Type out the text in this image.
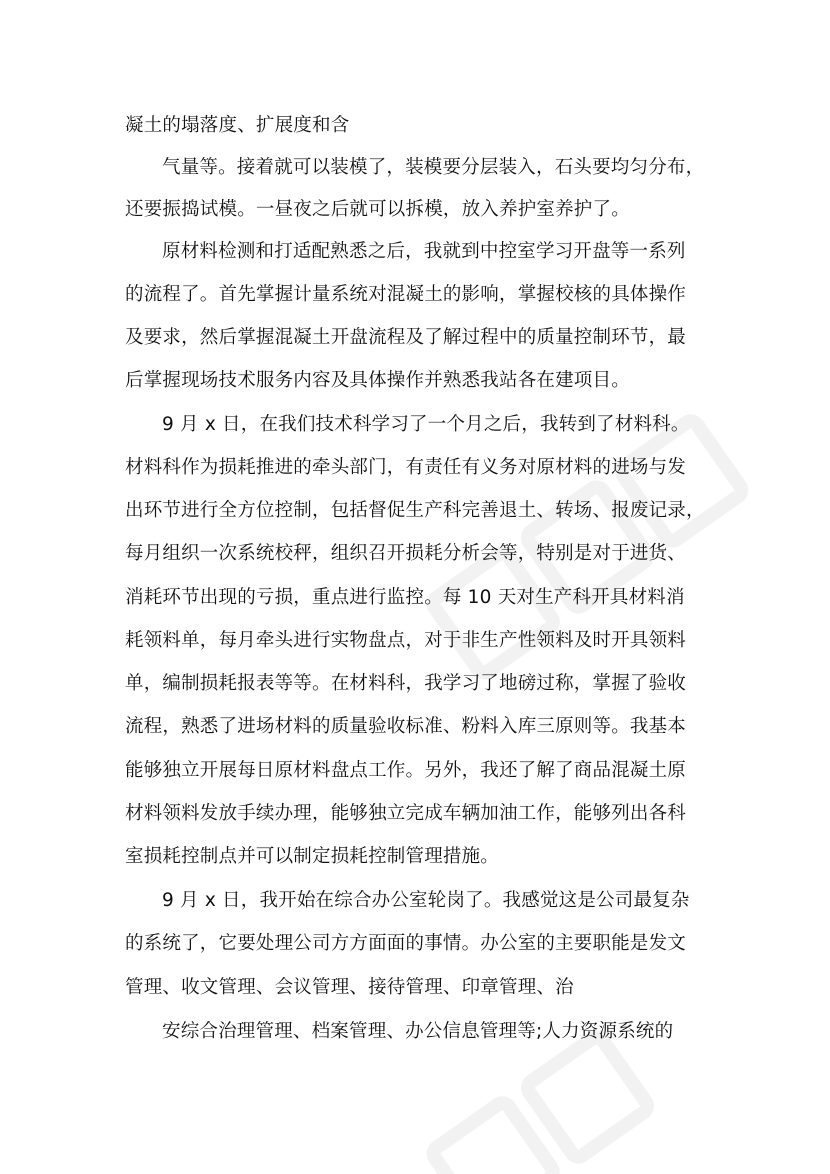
凝土的塌落度、扩展度和含

气量等。接着就可以装模了，装模要分层装入，石头要均匀分布，

还要振捣试模。一昼夜之后就可以拆模，放入养护室养护了。

原材料检测和打适配熟悉之后，我就到中控室学习开盘等一系列

的流程了。首先掌握计量系统对混凝土的影响，掌握校核的具体操作

及要求，然后掌握混凝土开盘流程及了解过程中的质量控制环节，最

后掌握现场技术服务内容及具体操作并熟悉我站各在建项目。

9 月 x 日，在我们技术科学习了一个月之后，我转到了材料科。

材料科作为损耗推进的牵头部门，有责任有义务对原材料的进场与发

出环节进行全方位控制，包括督促生产科完善退土、转场、报废记录，

每月组织一次系统校秤，组织召开损耗分析会等，特别是对于进货、

消耗环节出现的亏损，重点进行监控。每 10 天对生产科开具材料消

耗领料单，每月牵头进行实物盘点，对于非生产性领料及时开具领料

单，编制损耗报表等等。在材料科，我学习了地磅过称，掌握了验收

流程，熟悉了进场材料的质量验收标准、粉料入库三原则等。我基本

能够独立开展每日原材料盘点工作。另外，我还了解了商品混凝土原

材料领料发放手续办理，能够独立完成车辆加油工作，能够列出各科

室损耗控制点并可以制定损耗控制管理措施。

9 月 x 日，我开始在综合办公室轮岗了。我感觉这是公司最复杂

的系统了，它要处理公司方方面面的事情。办公室的主要职能是发文

管理、收文管理、会议管理、接待管理、印章管理、治

安综合治理管理、档案管理、办公信息管理等;人力资源系统的
